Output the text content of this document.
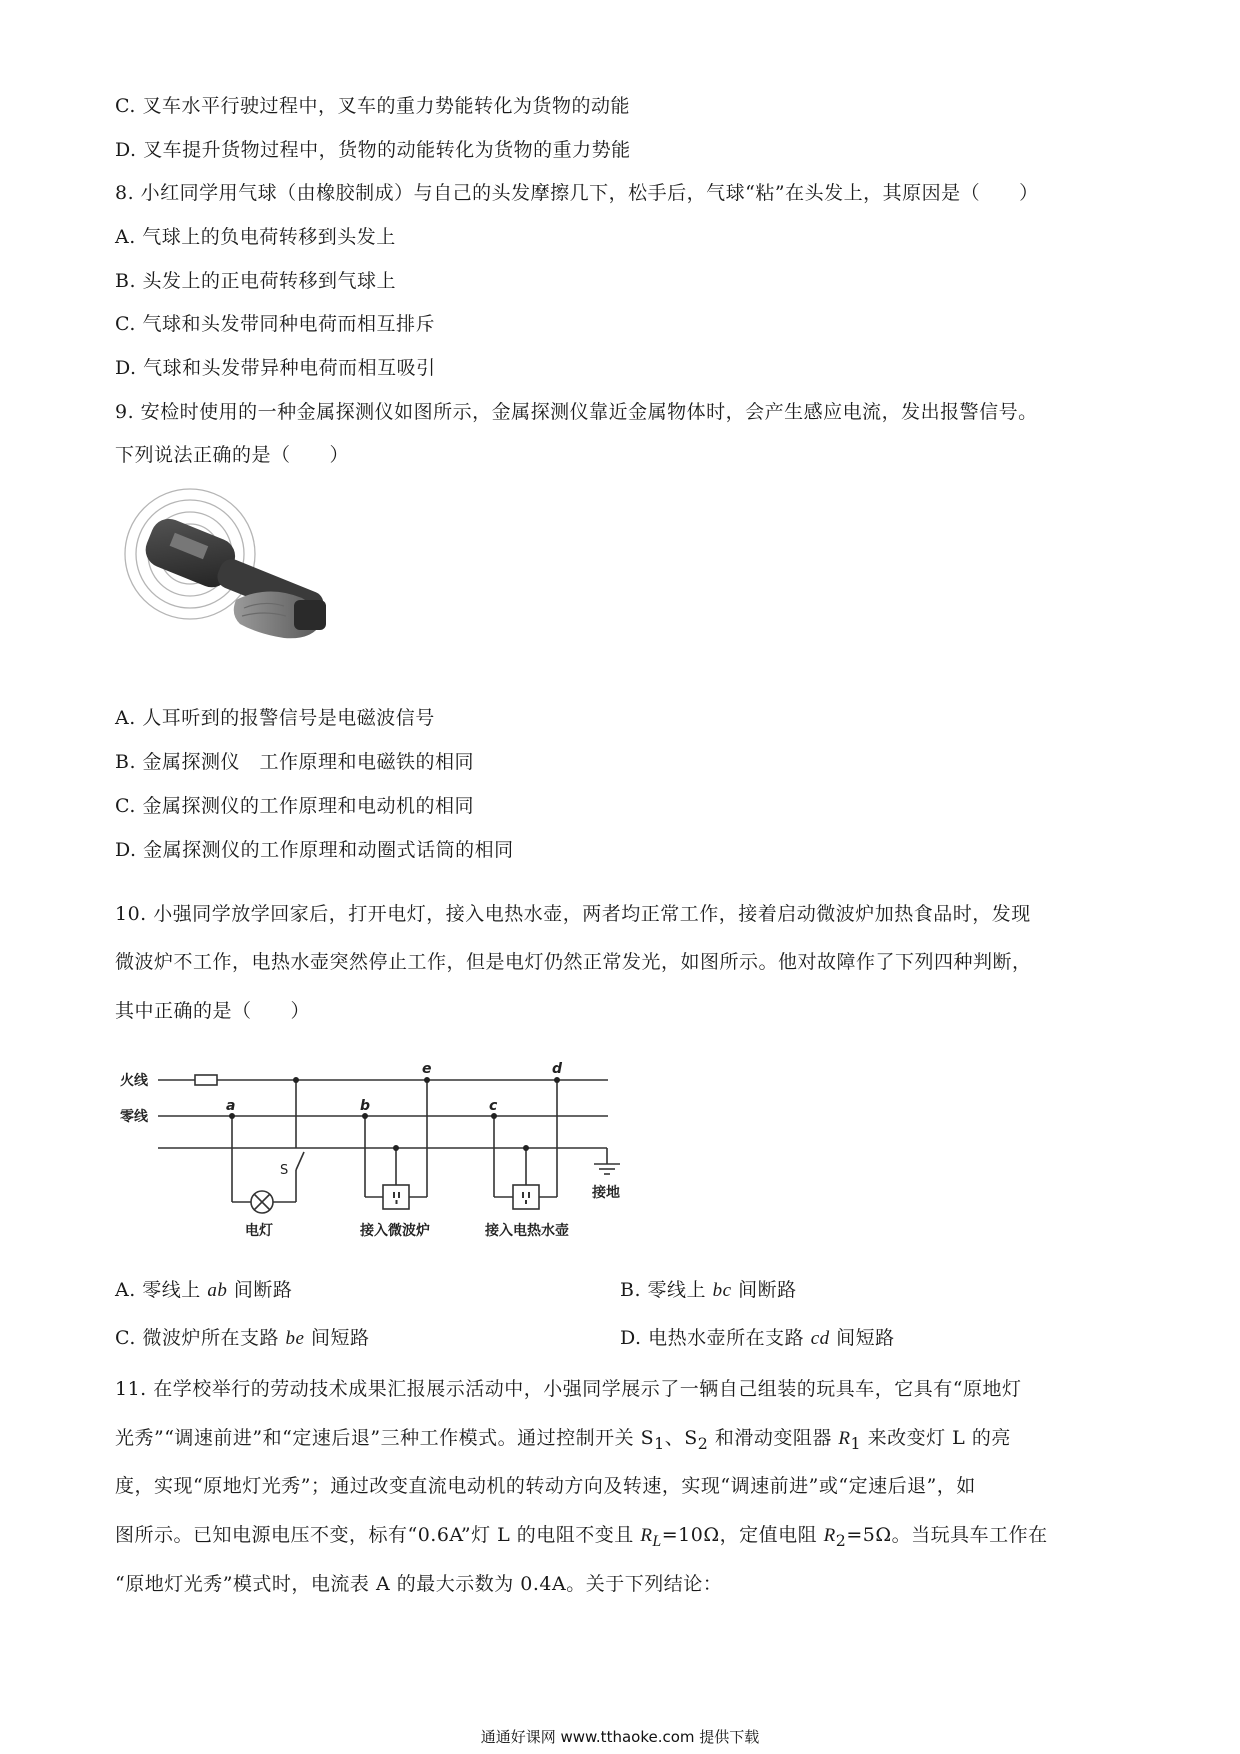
C. 叉车水平行驶过程中，叉车的重力势能转化为货物的动能
D. 叉车提升货物过程中，货物的动能转化为货物的重力势能
8. 小红同学用气球（由橡胶制成）与自己的头发摩擦几下，松手后，气球“粘”在头发上，其原因是（　　）
A. 气球上的负电荷转移到头发上
B. 头发上的正电荷转移到气球上
C. 气球和头发带同种电荷而相互排斥
D. 气球和头发带异种电荷而相互吸引
9. 安检时使用的一种金属探测仪如图所示，金属探测仪靠近金属物体时，会产生感应电流，发出报警信号。
下列说法正确的是（　　）
A. 人耳听到的报警信号是电磁波信号
B. 金属探测仪　工作原理和电磁铁的相同
C. 金属探测仪的工作原理和电动机的相同
D. 金属探测仪的工作原理和动圈式话筒的相同
10. 小强同学放学回家后，打开电灯，接入电热水壶，两者均正常工作，接着启动微波炉加热食品时，发现
微波炉不工作，电热水壶突然停止工作，但是电灯仍然正常发光，如图所示。他对故障作了下列四种判断，
其中正确的是（　　）
火线
零线
接地
电灯	接入微波炉	接入电热水壶
a	b	c
d
e
S
A. 零线上 ab 间断路	B. 零线上 bc 间断路
C. 微波炉所在支路 be 间短路	D. 电热水壶所在支路 cd 间短路
11. 在学校举行的劳动技术成果汇报展示活动中，小强同学展示了一辆自己组装的玩具车，它具有“原地灯
光秀”“调速前进”和“定速后退”三种工作模式。通过控制开关 $S_1$、$S_2$ 和滑动变阻器 $R_1$ 来改变灯 L 的亮
度，实现“原地灯光秀”；通过改变直流电动机的转动方向及转速，实现“调速前进”或“定速后退”，如
图所示。已知电源电压不变，标有“0.6A”灯 L 的电阻不变且 $R_L=10\Omega$，定值电阻 $R_2=5\Omega$。当玩具车工作在
“原地灯光秀”模式时，电流表 A 的最大示数为 0.4A。关于下列结论：
通通好课网 www.tthaoke.com 提供下载
